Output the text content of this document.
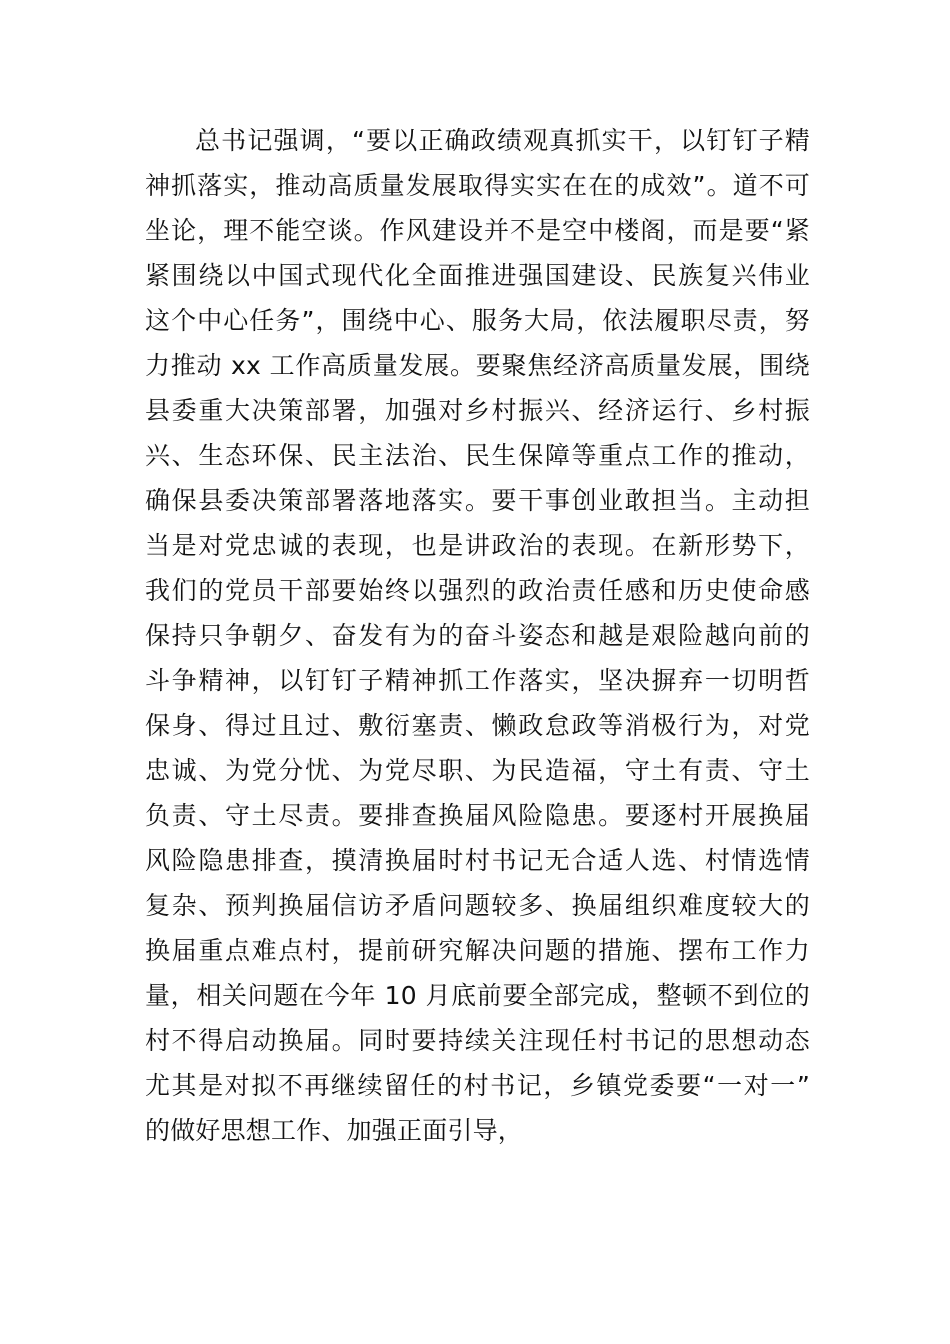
总书记强调，“要以正确政绩观真抓实干，以钉钉子精
神抓落实，推动高质量发展取得实实在在的成效”。道不可
坐论，理不能空谈。作风建设并不是空中楼阁，而是要“紧
紧围绕以中国式现代化全面推进强国建设、民族复兴伟业
这个中心任务”，围绕中心、服务大局，依法履职尽责，努
力推动 xx 工作高质量发展。要聚焦经济高质量发展，围绕
县委重大决策部署，加强对乡村振兴、经济运行、乡村振
兴、生态环保、民主法治、民生保障等重点工作的推动，
确保县委决策部署落地落实。要干事创业敢担当。主动担
当是对党忠诚的表现，也是讲政治的表现。在新形势下，
我们的党员干部要始终以强烈的政治责任感和历史使命感
保持只争朝夕、奋发有为的奋斗姿态和越是艰险越向前的
斗争精神，以钉钉子精神抓工作落实，坚决摒弃一切明哲
保身、得过且过、敷衍塞责、懒政怠政等消极行为，对党
忠诚、为党分忧、为党尽职、为民造福，守土有责、守土
负责、守土尽责。要排查换届风险隐患。要逐村开展换届
风险隐患排查，摸清换届时村书记无合适人选、村情选情
复杂、预判换届信访矛盾问题较多、换届组织难度较大的
换届重点难点村，提前研究解决问题的措施、摆布工作力
量，相关问题在今年 10 月底前要全部完成，整顿不到位的
村不得启动换届。同时要持续关注现任村书记的思想动态
尤其是对拟不再继续留任的村书记，乡镇党委要“一对一”
的做好思想工作、加强正面引导，
